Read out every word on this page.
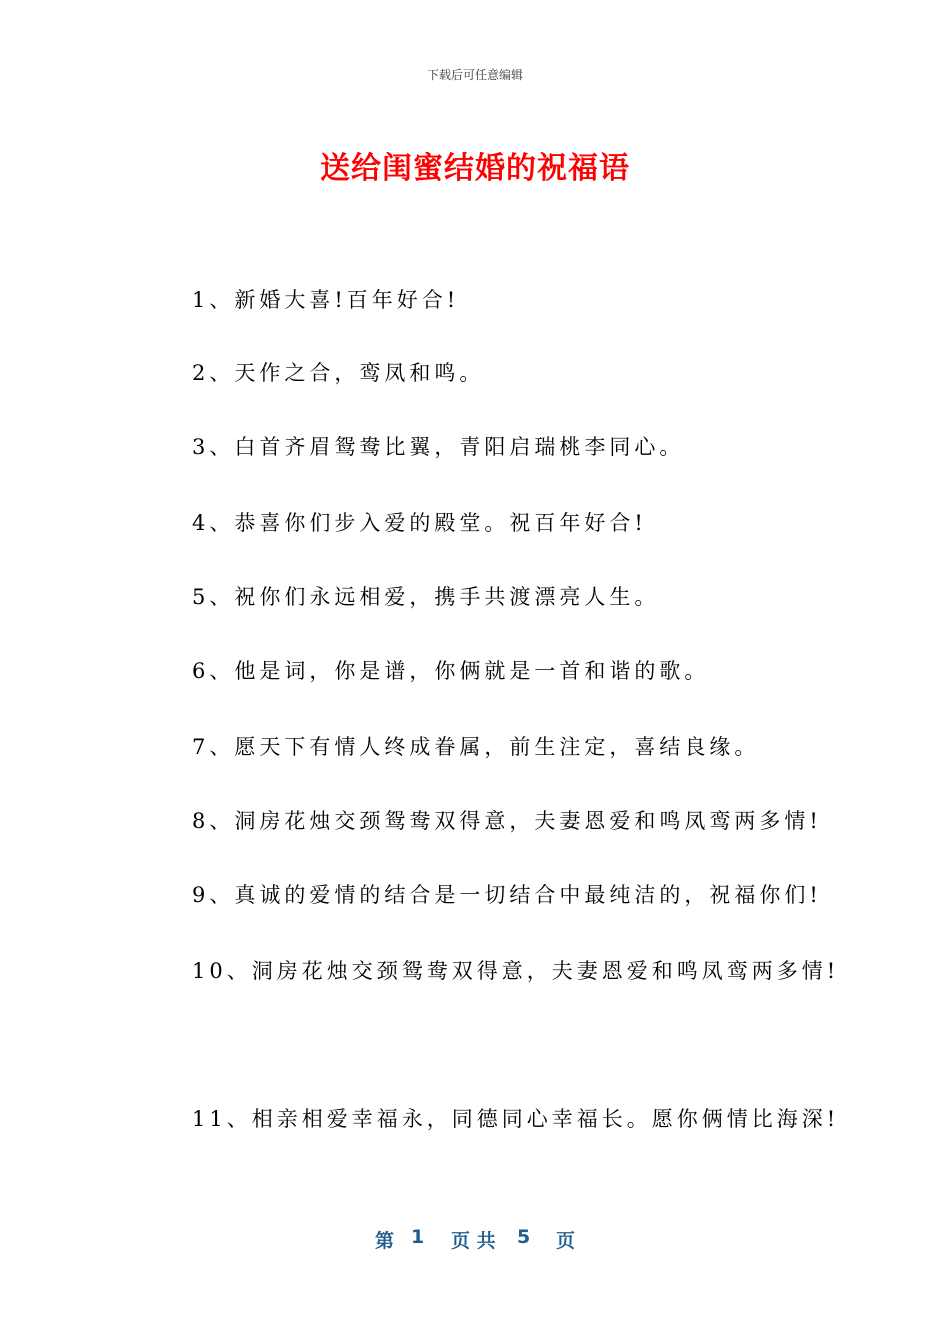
下载后可任意编辑
送给闺蜜结婚的祝福语
1、新婚大喜!百年好合!
2、天作之合，鸾凤和鸣。
3、白首齐眉鸳鸯比翼，青阳启瑞桃李同心。
4、恭喜你们步入爱的殿堂。祝百年好合!
5、祝你们永远相爱，携手共渡漂亮人生。
6、他是词，你是谱，你俩就是一首和谐的歌。
7、愿天下有情人终成眷属，前生注定，喜结良缘。
8、洞房花烛交颈鸳鸯双得意，夫妻恩爱和鸣凤鸾两多情!
9、真诚的爱情的结合是一切结合中最纯洁的，祝福你们!
10、洞房花烛交颈鸳鸯双得意，夫妻恩爱和鸣凤鸾两多情!
11、相亲相爱幸福永，同德同心幸福长。愿你俩情比海深!
第 1 页 共 5 页
